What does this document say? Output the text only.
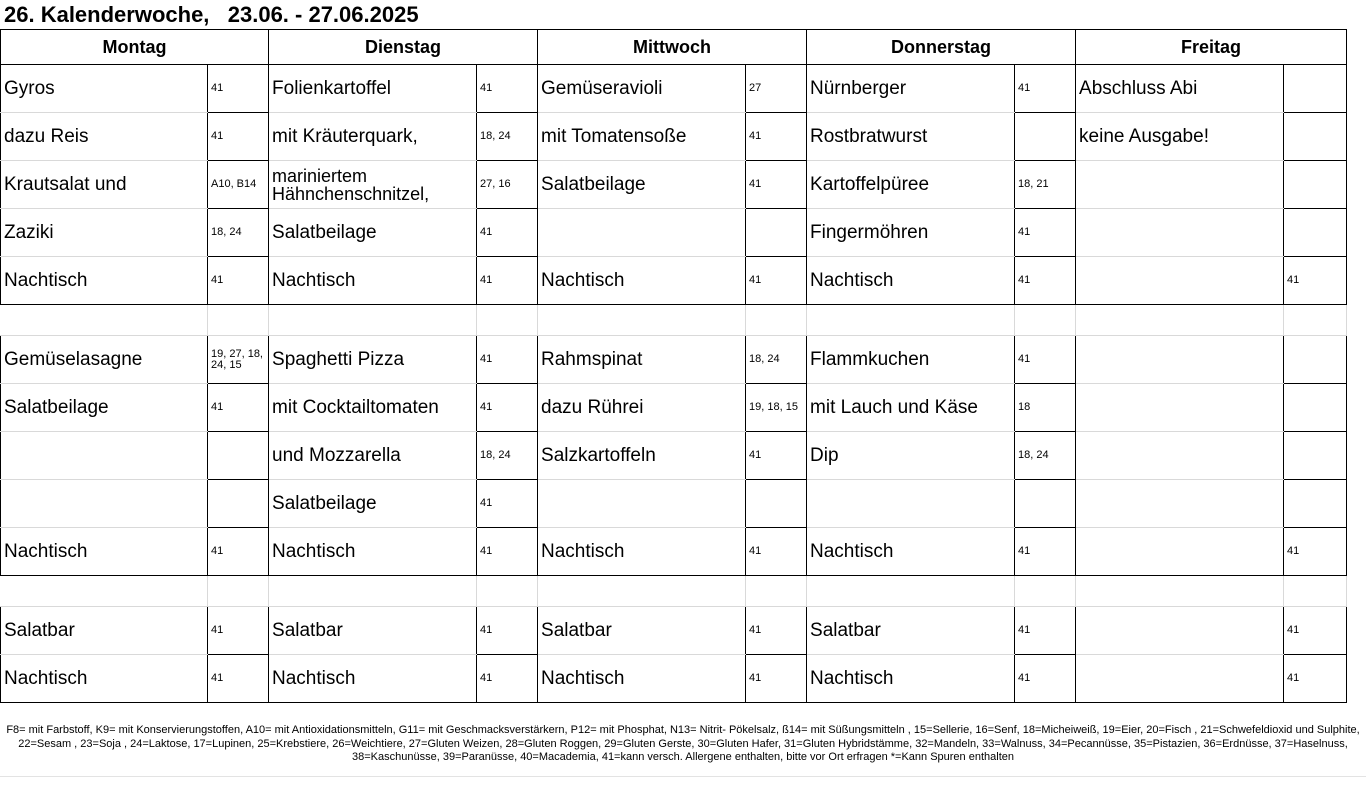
26. Kalenderwoche,   23.06. - 27.06.2025
Montag		Dienstag		Mittwoch		Donnerstag		Freitag	
Gyros	41	Folienkartoffel	41	Gemüseravioli	27	Nürnberger	41	Abschluss Abi	
dazu Reis	41	mit Kräuterquark,	18, 24	mit Tomatensoße	41	Rostbratwurst		keine Ausgabe!	
Krautsalat und	A10, B14	mariniertem Hähnchenschnitzel,	27, 16	Salatbeilage	41	Kartoffelpüree	18, 21		
Zaziki	18, 24	Salatbeilage	41			Fingermöhren	41		
Nachtisch	41	Nachtisch	41	Nachtisch	41	Nachtisch	41		41

Gemüselasagne	19, 27, 18, 24, 15	Spaghetti Pizza	41	Rahmspinat	18, 24	Flammkuchen	41		
Salatbeilage	41	mit Cocktailtomaten	41	dazu Rührei	19, 18, 15	mit Lauch und Käse	18		
		und Mozzarella	18, 24	Salzkartoffeln	41	Dip	18, 24		
		Salatbeilage	41						
Nachtisch	41	Nachtisch	41	Nachtisch	41	Nachtisch	41		41

Salatbar	41	Salatbar	41	Salatbar	41	Salatbar	41		41
Nachtisch	41	Nachtisch	41	Nachtisch	41	Nachtisch	41		41
F8= mit Farbstoff, K9= mit Konservierungstoffen, A10= mit Antioxidationsmitteln, G11= mit Geschmacksverstärkern, P12= mit Phosphat, N13= Nitrit- Pökelsalz, ß14= mit Süßungsmitteln , 15=Sellerie, 16=Senf, 18=Micheiweiß, 19=Eier, 20=Fisch , 21=Schwefeldioxid und Sulphite, 22=Sesam , 23=Soja , 24=Laktose, 17=Lupinen, 25=Krebstiere, 26=Weichtiere, 27=Gluten Weizen, 28=Gluten Roggen, 29=Gluten Gerste, 30=Gluten Hafer, 31=Gluten Hybridstämme, 32=Mandeln, 33=Walnuss, 34=Pecannüsse, 35=Pistazien, 36=Erdnüsse, 37=Haselnuss, 38=Kaschunüsse, 39=Paranüsse, 40=Macademia, 41=kann versch. Allergene enthalten, bitte vor Ort erfragen *=Kann Spuren enthalten
